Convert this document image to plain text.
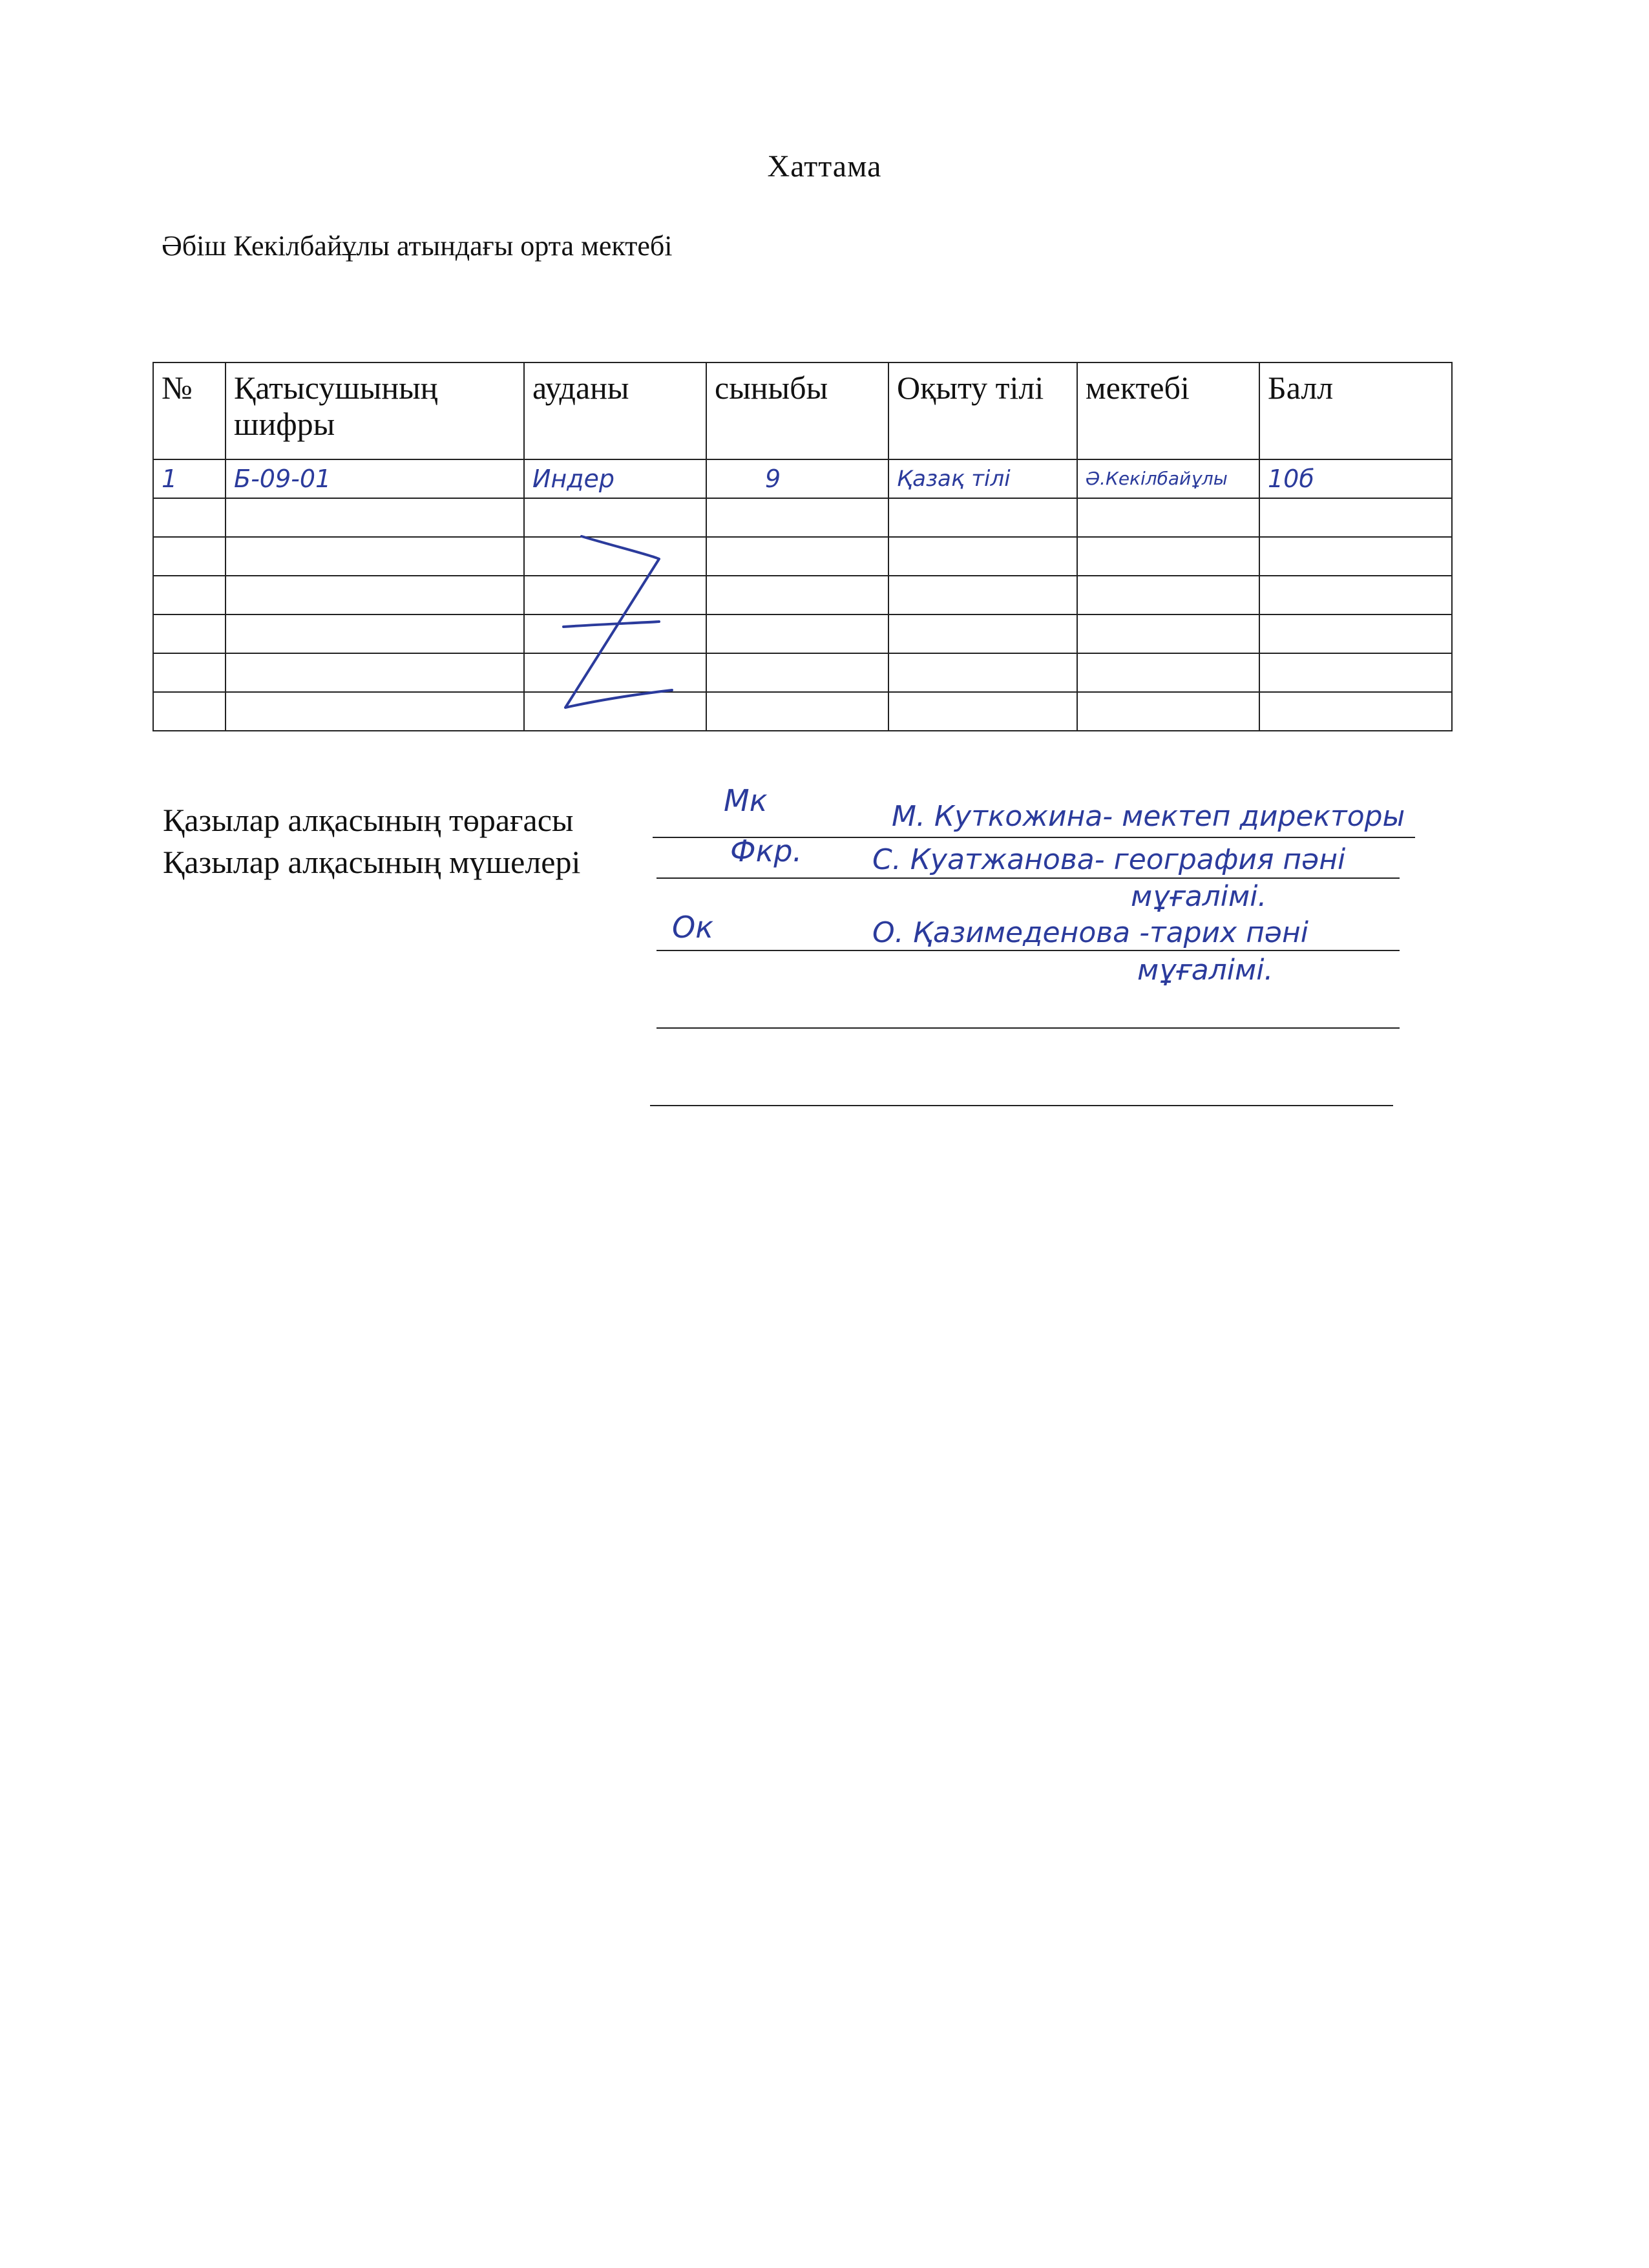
Хаттама
Әбіш Кекілбайұлы атындағы орта мектебі
№	Қатысушының шифры	ауданы	сыныбы	Оқыту тілі	мектебі	Балл
1	Б-09-01	Индер	9	Қазақ тілі	Ә.Кекілбайұлы	10б

Қазылар алқасының төрағасы
Мк	М. Куткожина- мектеп директоры
Қазылар алқасының мүшелері	Фкр. С. Куатжанова- география пәні
мұғалімі.
Ок	О. Қазимеденова -тарих пәні
мұғалімі.
